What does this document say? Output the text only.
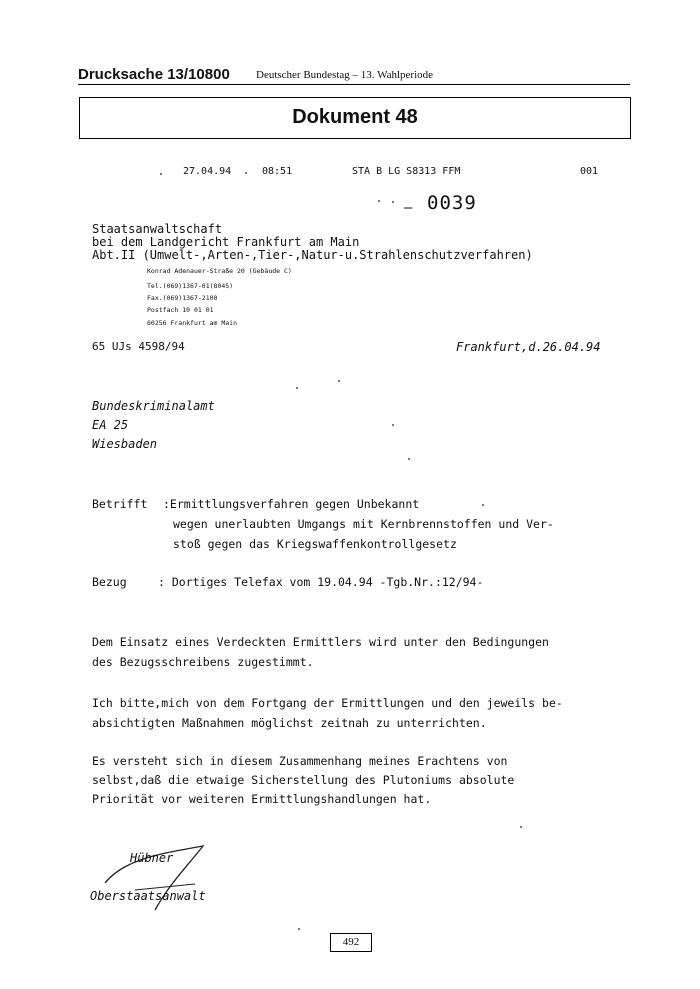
Drucksache 13/10800 Deutscher Bundestag – 13. Wahlperiode
Dokument 48
27.04.94	08:51	STA B LG S8313 FFM	001
– 0039
Staatsanwaltschaft
bei dem Landgericht Frankfurt am Main
Abt.II (Umwelt-,Arten-,Tier-,Natur-u.Strahlenschutzverfahren)
Konrad Adenauer-Straße 20 (Gebäude C)
Tel.(069)1367-01(8045)
Fax.(069)1367-2100
Postfach 10 01 01
60256 Frankfurt am Main
65 UJs 4598/94	Frankfurt,d.26.04.94
Bundeskriminalamt
EA 25
Wiesbaden
Betrifft :Ermittlungsverfahren gegen Unbekannt
wegen unerlaubten Umgangs mit Kernbrennstoffen und Ver-
stoß gegen das Kriegswaffenkontrollgesetz
Bezug	: Dortiges Telefax vom 19.04.94 -Tgb.Nr.:12/94-
Dem Einsatz eines Verdeckten Ermittlers wird unter den Bedingungen
des Bezugsschreibens zugestimmt.
Ich bitte,mich von dem Fortgang der Ermittlungen und den jeweils be-
absichtigten Maßnahmen möglichst zeitnah zu unterrichten.
Es versteht sich in diesem Zusammenhang meines Erachtens von
selbst,daß die etwaige Sicherstellung des Plutoniums absolute
Priorität vor weiteren Ermittlungshandlungen hat.
Hübner
Oberstaatsanwalt
492
